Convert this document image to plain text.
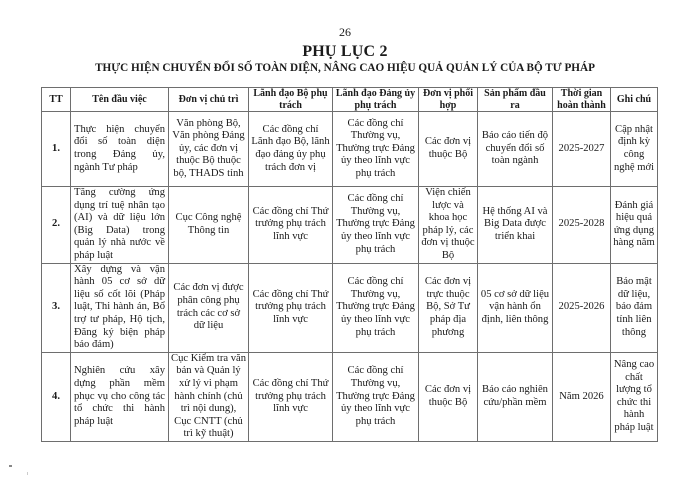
26
PHỤ LỤC 2
THỰC HIỆN CHUYỂN ĐỔI SỐ TOÀN DIỆN, NÂNG CAO HIỆU QUẢ QUẢN LÝ CỦA BỘ TƯ PHÁP
TT	Tên đầu việc	Đơn vị chủ trì	Lãnh đạo Bộ phụ trách	Lãnh đạo Đảng ủy phụ trách	Đơn vị phối hợp	Sản phẩm đầu ra	Thời gian hoàn thành	Ghi chú
1.	Thực hiện chuyển đổi số toàn diện trong Đảng ủy, ngành Tư pháp	Văn phòng Bộ, Văn phòng Đảng ủy, các đơn vị thuộc Bộ thuộc bộ, THADS tỉnh	Các đồng chí Lãnh đạo Bộ, lãnh đạo đảng ủy phụ trách đơn vị	Các đồng chí Thường vụ, Thường trực Đảng ủy theo lĩnh vực phụ trách	Các đơn vị thuộc Bộ	Báo cáo tiến độ chuyển đổi số toàn ngành	2025-2027	Cập nhật định kỳ công nghệ mới
2.	Tăng cường ứng dụng trí tuệ nhân tạo (AI) và dữ liệu lớn (Big Data) trong quản lý nhà nước về pháp luật	Cục Công nghệ Thông tin	Các đồng chí Thứ trưởng phụ trách lĩnh vực	Các đồng chí Thường vụ, Thường trực Đảng ủy theo lĩnh vực phụ trách	Viện chiến lược và khoa học pháp lý, các đơn vị thuộc Bộ	Hệ thống AI và Big Data được triển khai	2025-2028	Đánh giá hiệu quả ứng dụng hàng năm
3.	Xây dựng và vận hành 05 cơ sở dữ liệu số cốt lõi (Pháp luật, Thi hành án, Bổ trợ tư pháp, Hộ tịch, Đăng ký biện pháp bảo đảm)	Các đơn vị được phân công phụ trách các cơ sở dữ liệu	Các đồng chí Thứ trưởng phụ trách lĩnh vực	Các đồng chí Thường vụ, Thường trực Đảng ủy theo lĩnh vực phụ trách	Các đơn vị trực thuộc Bộ, Sở Tư pháp địa phương	05 cơ sở dữ liệu vận hành ổn định, liên thông	2025-2026	Bảo mật dữ liệu, bảo đảm tính liên thông
4.	Nghiên cứu xây dựng phần mềm phục vụ cho công tác tổ chức thi hành pháp luật	Cục Kiểm tra văn bản và Quản lý xử lý vi phạm hành chính (chủ trì nội dung), Cục CNTT (chủ trì kỹ thuật)	Các đồng chí Thứ trưởng phụ trách lĩnh vực	Các đồng chí Thường vụ, Thường trực Đảng ủy theo lĩnh vực phụ trách	Các đơn vị thuộc Bộ	Báo cáo nghiên cứu/phần mềm	Năm 2026	Nâng cao chất lượng tổ chức thi hành pháp luật
